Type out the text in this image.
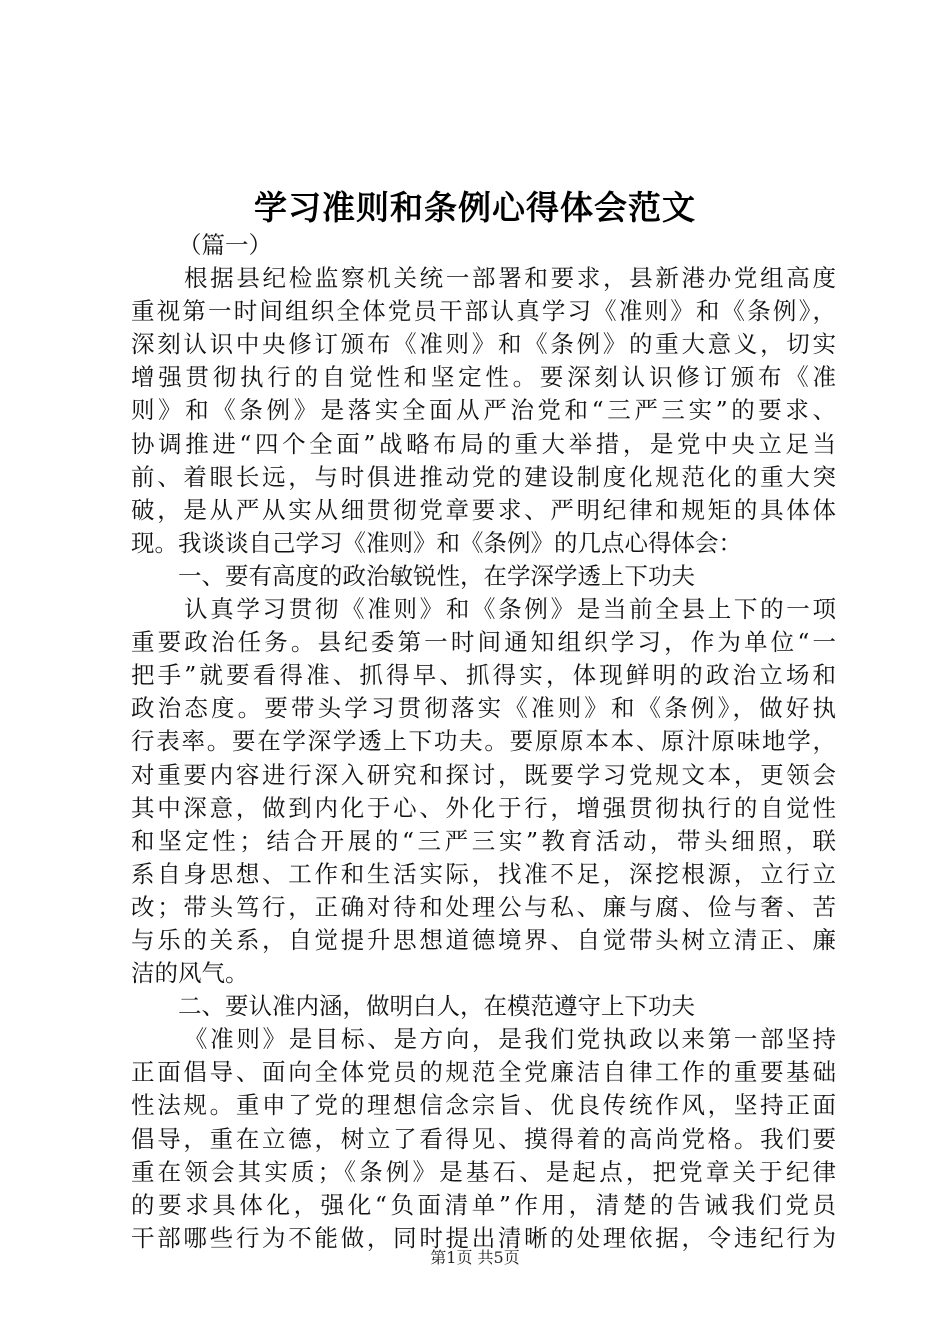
学习准则和条例心得体会范文
（篇一）
根据县纪检监察机关统一部署和要求，县新港办党组高度
重视第一时间组织全体党员干部认真学习《准则》和《条例》，
深刻认识中央修订颁布《准则》和《条例》的重大意义，切实
增强贯彻执行的自觉性和坚定性。要深刻认识修订颁布《准
则》和《条例》是落实全面从严治党和“三严三实”的要求、
协调推进“四个全面”战略布局的重大举措，是党中央立足当
前、着眼长远，与时俱进推动党的建设制度化规范化的重大突
破，是从严从实从细贯彻党章要求、严明纪律和规矩的具体体
现。我谈谈自己学习《准则》和《条例》的几点心得体会：
一、要有高度的政治敏锐性，在学深学透上下功夫
认真学习贯彻《准则》和《条例》是当前全县上下的一项
重要政治任务。县纪委第一时间通知组织学习，作为单位“一
把手”就要看得准、抓得早、抓得实，体现鲜明的政治立场和
政治态度。要带头学习贯彻落实《准则》和《条例》，做好执
行表率。要在学深学透上下功夫。要原原本本、原汁原味地学，
对重要内容进行深入研究和探讨，既要学习党规文本，更领会
其中深意，做到内化于心、外化于行，增强贯彻执行的自觉性
和坚定性；结合开展的“三严三实”教育活动，带头细照，联
系自身思想、工作和生活实际，找准不足，深挖根源，立行立
改；带头笃行，正确对待和处理公与私、廉与腐、俭与奢、苦
与乐的关系，自觉提升思想道德境界、自觉带头树立清正、廉
洁的风气。
二、要认准内涵，做明白人，在模范遵守上下功夫
《准则》是目标、是方向，是我们党执政以来第一部坚持
正面倡导、面向全体党员的规范全党廉洁自律工作的重要基础
性法规。重申了党的理想信念宗旨、优良传统作风，坚持正面
倡导，重在立德，树立了看得见、摸得着的高尚党格。我们要
重在领会其实质；《条例》是基石、是起点，把党章关于纪律
的要求具体化，强化“负面清单”作用，清楚的告诫我们党员
干部哪些行为不能做，同时提出清晰的处理依据，令违纪行为
第1页 共5页
